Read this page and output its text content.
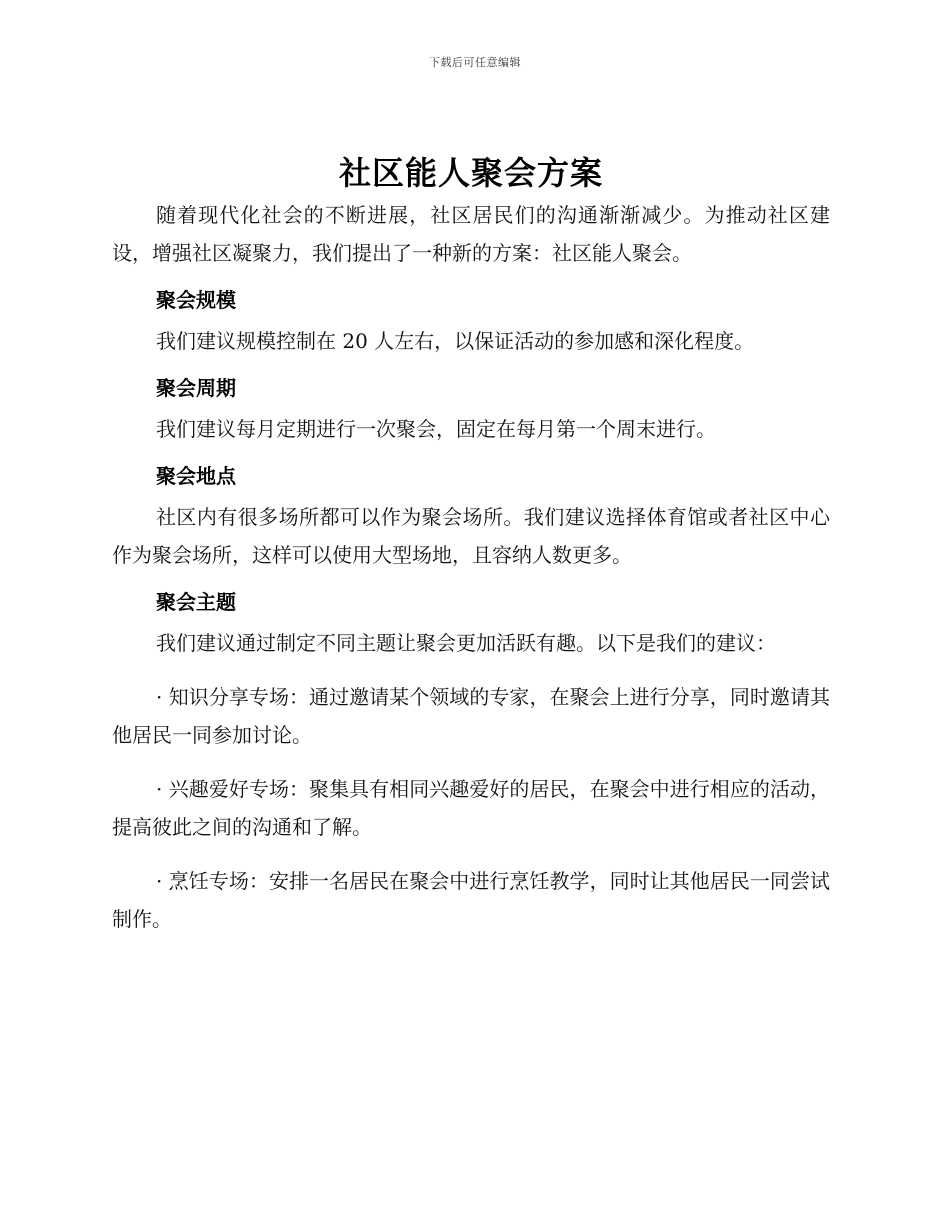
下载后可任意编辑
社区能人聚会方案

随着现代化社会的不断进展，社区居民们的沟通渐渐减少。为推动社区建设，增强社区凝聚力，我们提出了一种新的方案：社区能人聚会。

聚会规模

我们建议规模控制在 20 人左右，以保证活动的参加感和深化程度。

聚会周期

我们建议每月定期进行一次聚会，固定在每月第一个周末进行。

聚会地点

社区内有很多场所都可以作为聚会场所。我们建议选择体育馆或者社区中心作为聚会场所，这样可以使用大型场地，且容纳人数更多。

聚会主题

我们建议通过制定不同主题让聚会更加活跃有趣。以下是我们的建议：

· 知识分享专场：通过邀请某个领域的专家，在聚会上进行分享，同时邀请其他居民一同参加讨论。

· 兴趣爱好专场：聚集具有相同兴趣爱好的居民，在聚会中进行相应的活动，提高彼此之间的沟通和了解。

· 烹饪专场：安排一名居民在聚会中进行烹饪教学，同时让其他居民一同尝试制作。
